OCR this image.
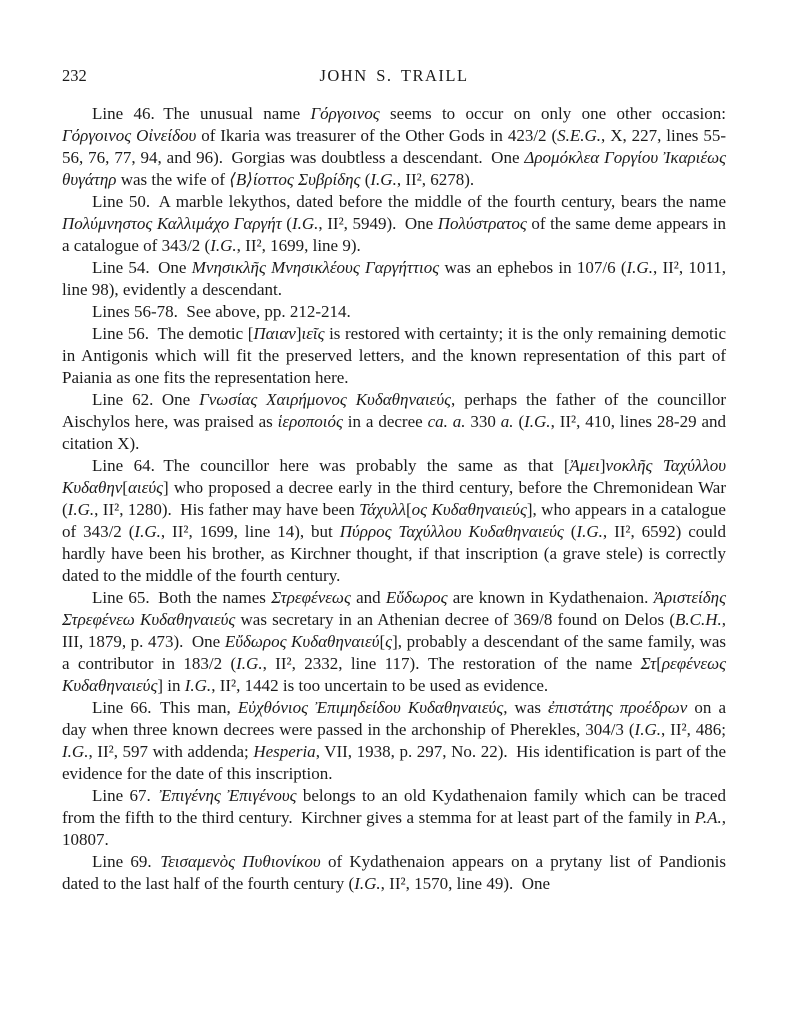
232	JOHN S. TRAILL

Line 46. The unusual name Γόργοινος seems to occur on only one other occasion: Γόργοινος Οἰνείδου of Ikaria was treasurer of the Other Gods in 423/2 (S.E.G., X, 227, lines 55-56, 76, 77, 94, and 96). Gorgias was doubtless a descendant. One Δρομόκλεα Γοργίου Ἰκαριέως θυγάτηρ was the wife of ⟨Β⟩ίοττος Συβρίδης (I.G., II², 6278).

Line 50. A marble lekythos, dated before the middle of the fourth century, bears the name Πολύμνηστος Καλλιμάχο Γαργήτ (I.G., II², 5949). One Πολύστρατος of the same deme appears in a catalogue of 343/2 (I.G., II², 1699, line 9).

Line 54. One Μνησικλῆς Μνησικλέους Γαργήττιος was an ephebos in 107/6 (I.G., II², 1011, line 98), evidently a descendant.

Lines 56-78. See above, pp. 212-214.

Line 56. The demotic [Παιαν]ιεῖς is restored with certainty; it is the only remaining demotic in Antigonis which will fit the preserved letters, and the known representation of this part of Paiania as one fits the representation here.

Line 62. One Γνωσίας Χαιρήμονος Κυδαθηναιεύς, perhaps the father of the councillor Aischylos here, was praised as ἱεροποιός in a decree ca. a. 330 a. (I.G., II², 410, lines 28-29 and citation X).

Line 64. The councillor here was probably the same as that [Ἀμει]νοκλῆς Ταχύλλου Κυδαθην[αιεύς] who proposed a decree early in the third century, before the Chremonidean War (I.G., II², 1280). His father may have been Τάχυλλ[ος Κυδαθηναιεύς], who appears in a catalogue of 343/2 (I.G., II², 1699, line 14), but Πύρρος Ταχύλλου Κυδαθηναιεύς (I.G., II², 6592) could hardly have been his brother, as Kirchner thought, if that inscription (a grave stele) is correctly dated to the middle of the fourth century.

Line 65. Both the names Στρεφένεως and Εὔδωρος are known in Kydathenaion. Ἀριστείδης Στρεφένεω Κυδαθηναιεύς was secretary in an Athenian decree of 369/8 found on Delos (B.C.H., III, 1879, p. 473). One Εὔδωρος Κυδαθηναιεύ[ς], probably a descendant of the same family, was a contributor in 183/2 (I.G., II², 2332, line 117). The restoration of the name Στ[ρεφένεως Κυδαθηναιεύς] in I.G., II², 1442 is too uncertain to be used as evidence.

Line 66. This man, Εὐχθόνιος Ἐπιμηδείδου Κυδαθηναιεύς, was ἐπιστάτης προέδρων on a day when three known decrees were passed in the archonship of Pherekles, 304/3 (I.G., II², 486; I.G., II², 597 with addenda; Hesperia, VII, 1938, p. 297, No. 22). His identification is part of the evidence for the date of this inscription.

Line 67. Ἐπιγένης Ἐπιγένους belongs to an old Kydathenaion family which can be traced from the fifth to the third century. Kirchner gives a stemma for at least part of the family in P.A., 10807.

Line 69. Τεισαμενὸς Πυθιονίκου of Kydathenaion appears on a prytany list of Pandionis dated to the last half of the fourth century (I.G., II², 1570, line 49). One
